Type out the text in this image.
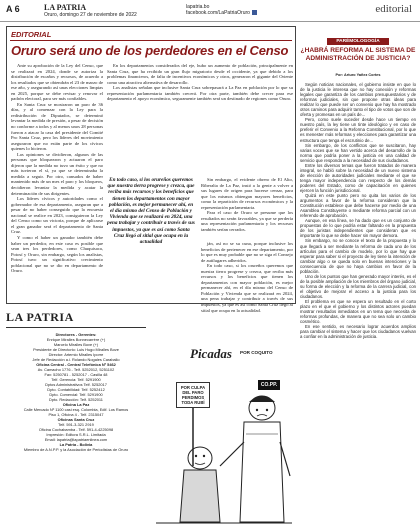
A 6	LA PATRIA
Oruro, domingo 27 de noviembre de 2022
lapatria.bo
facebook.com/LaPatriaOruro	editorial
EDITORIAL
Oruro será uno de los perdedores en el Censo

Ante su aprobación de la Ley del Censo, que se realizará en 2024, donde se autoriza la distribución de escaños y recursos, de acuerdo a los resultados que se obtendrán el 23 de marzo de ese año, y asegurando así unas elecciones limpias en 2025, porque se debe revisar y renovar el padrón electoral, para ser más confiables.

En Santa Cruz se mostraron un paro de 36 días, y al comenzar con la Ley para la redistribución de Diputados, se determinó levantar la medida de presión, a pesar de decisión no conforme a todos y al menos unos 28 personas fueron a atacar la casa del presidente del Comité Pro Santa Cruz, pero los líderes del movimiento aseguraron que no están parte de los cívicos quienes lo hicieron.

Las opiniones se dividieron, algunos de las personas que bloquearon y actuaron el paro dijeron que la medida no tuvo un éxito y que no más tuvieron el sí, ya que se determinaba la medida a seguir. Por otro, cansados de haber mantenido más de un mes el paro y los bloqueos, decidieron levantar la medida y acatar la determinación de sus dirigentes.

Los líderes cívicos y autoridades como el gobernador de esa departamento, aseguran que a pesar de no haber conseguido que la encuesta nacional se realice en 2023, consiguieron la Ley del Censo como un victoria, porque de aplicarse el gran ganador será el departamento de Santa Cruz.

Y como el haber un ganador también debe haber un perdedor, en este caso es posible que sean tres los perdedores, como Chuquisaca, Potosí y Oruro, sin embargo, según los analistas, Potosí tuvo un significativo crecimiento poblacional que no se dio en departamento de Oruro.

En los departamentos considerados del eje, hubo un aumento de población, principalmente en Santa Cruz, que ha recibido un gran flujo migratorio desde el occidente, ya que debido a los problemas financieros, de falta de incentivos económicos y otros, generaron el gigante del Oriente como una atractiva alternativa de desarrollo.

Los analistas señalan que inclusive Santa Cruz sobrepasará a La Paz en población por lo que su representación parlamentaria también crecerá. Por otra parte, también debe crecer para ese departamento el apoyo económico, seguramente también será un destinado de regiones como Oruro.

En todo caso, si los orureños queremos que nuestra tierra progrese y crezca, que reciba más recursos y los beneficios que tienen los departamentos con mayor población, es mejor permanecer ahí, en el día mismo del Censo de Población y Vivienda que se realizará en 2024, una pena trabajar y contribuir a través de sus impuestos, ya que es así como Santa Cruz llegó al sitial que ocupa en la actualidad

Sin embargo, el evidente obrero de El Alto, Riberalta de La Paz, instó a la gente a volver a sus lugares de origen para hacerse censar, para que los mismos obtengan mayores beneficios, como la repartición de recursos económicos y la representación parlamentaria.

Para el caso de Oruro se presume que los resultados no serán favorables, ya que se perdería una representación parlamentaria y los recursos también serían cerrados.

ján, así no se su cuna, porque inclusive los beneficios de pertenecer en ese departamento, por lo que es muy probable que no se siga el Consejo de autilugares adheridos.

En todo caso, si los orureños queremos que nuestra tierra progrese y crezca, que reciba más recursos y los beneficios que tienen los departamentos con mayor población, es mejor permanecer ahí, en el día mismo del Censo de Población y Vivienda que se realizará en 2024, una pena trabajar y contribuir a través de sus impuestos, ya que es así como Santa Cruz llegó al sitial que ocupa en la actualidad.

PARÉMOLOGOGÍA
¿HABRÁ REFORMA AL SISTEMA DE ADMINISTRACIÓN DE JUSTICIA?
Por: Arturo Yañez Cortes

Según noticias nacionales, el gobierno insiste en que lo de la justicia le interesa que no hay conexión y reformas legales que garantiza de los cambios presupuestarios y de reformas judiciales, sin que propone otras ideas para realizar lo que puede ser un convenio que hay ha mostrado otros caminos para adquirir tanto el tipo de votos que son de oferta y promesas en un país de...

Pero, como suele suceder desde hace un tiempo en nuestro país, la ley tiene un tinte ideológico y en caso de preferir el Convenio a la Reforma Constitucional, por lo que es menester más reformas y elecciones para garantizar una estructura que tenga el escrutinio de...

Sin embargo, de los conflictos que se suscitaron, hay varias voces que se han vertido acerca del desarrollo de la norma que podría poner a la justicia en una calidad de servicio que responda a la necesidad de sus ciudadanos.

Entre los diversos temas que fueron tratados de manera integral, se habló sobre la necesidad de un nuevo sistema de elección de autoridades judiciales mediante el que se tenga mayor independencia con respecto de los demás poderes del Estado, como de capacitación en quienes ejercen la función jurisdiccional.

Quizá en este punto pero no quita los varios de los argumentos a favor de la reforma consideran que la Constitución establece que debe hacerse por medio de una Asamblea Constituyente o mediante reforma parcial con un referendo de aprobación.

Aunque, en esa línea, se ha dado que es un conjunto de propuestas de lo que podría estar faltando en la propuesta de los juristas independientes que consideran que es importante lo que se debe hacer sin mayor demora.

Sin embargo, no se conoce el texto de la propuesta y lo que llegará a ser mediante la reforma de cada uno de los artículos para el cambio de modelo, por lo que hay que esperar para saber si el proyecto de ley tiene la intención de cambiar algo o se queda solo en buenas intenciones y la consecuencia de que no haya cambios en favor de la población.

Uno de los puntos que han generado mayor interés, es el de la posible ampliación de los miembros del órgano judicial, su forma de elección y la reforma de la carrera judicial, con el objetivo de mejorar el acceso a la justicia para los ciudadanos.

El problema es que se espera un resultado en el corto plazo en el que el gobierno y los distintos actores puedan mostrar resultados inmediatos en un tema que necesita de reformas profundas, de manera que no sea solo un cambio cosmético.

En ese sentido, es necesario lograr acuerdos amplios para cambiar el sistema y hacer que los ciudadanos vuelvan a confiar en la administración de justicia.

LA PATRIA
Directores - Gerentes:
Enrique Miralles Bonnecarrère (+)
Marcelo Miralles Bove (+)
Presidente de Directorio: Luis Hugo Miralles Bove
Director: Artemio Miralles Iporre
Jefe de Redacción a.i. Rolando Nogales Caraballo
Oficina Central - Central Telefónica Nº 5462
Av. Camacho 1776 - Telf. 5252012, 5251102
Fax: 5250781 - 5252017 - Casilla 48
Telf. Gerencia: Telf. 5291900
Dptos Administrativos Telf. 5252017
Dpto. Contabilidad: Telf. 5252412
Dpto. Comercial: Telf. 5291900
Dpto. Redacción: Telf. 5252011
Oficina La Paz
Calle Mercado Nº 1100 casi esq. Colombia, Edif. Los Ramos
Piso 1, Oficina 4 - Telf. 2315047
Oficinas Santa Cruz
Telf. 591-3-321 2919
Oficina Cochabamba - Telf. 591-4-4225098
Impresión: Editora S.R.L. Limitada
Email: lapatria@lapatriaenlinea.com
La Patria - Bolivia
Miembro de A.N.P.P. y la Asociación de Periodistas de Oruro
Picadas POR COQUITO
POR CULPA DEL PARO PERDIMOS TODA RUBÍ
CO.PP.
